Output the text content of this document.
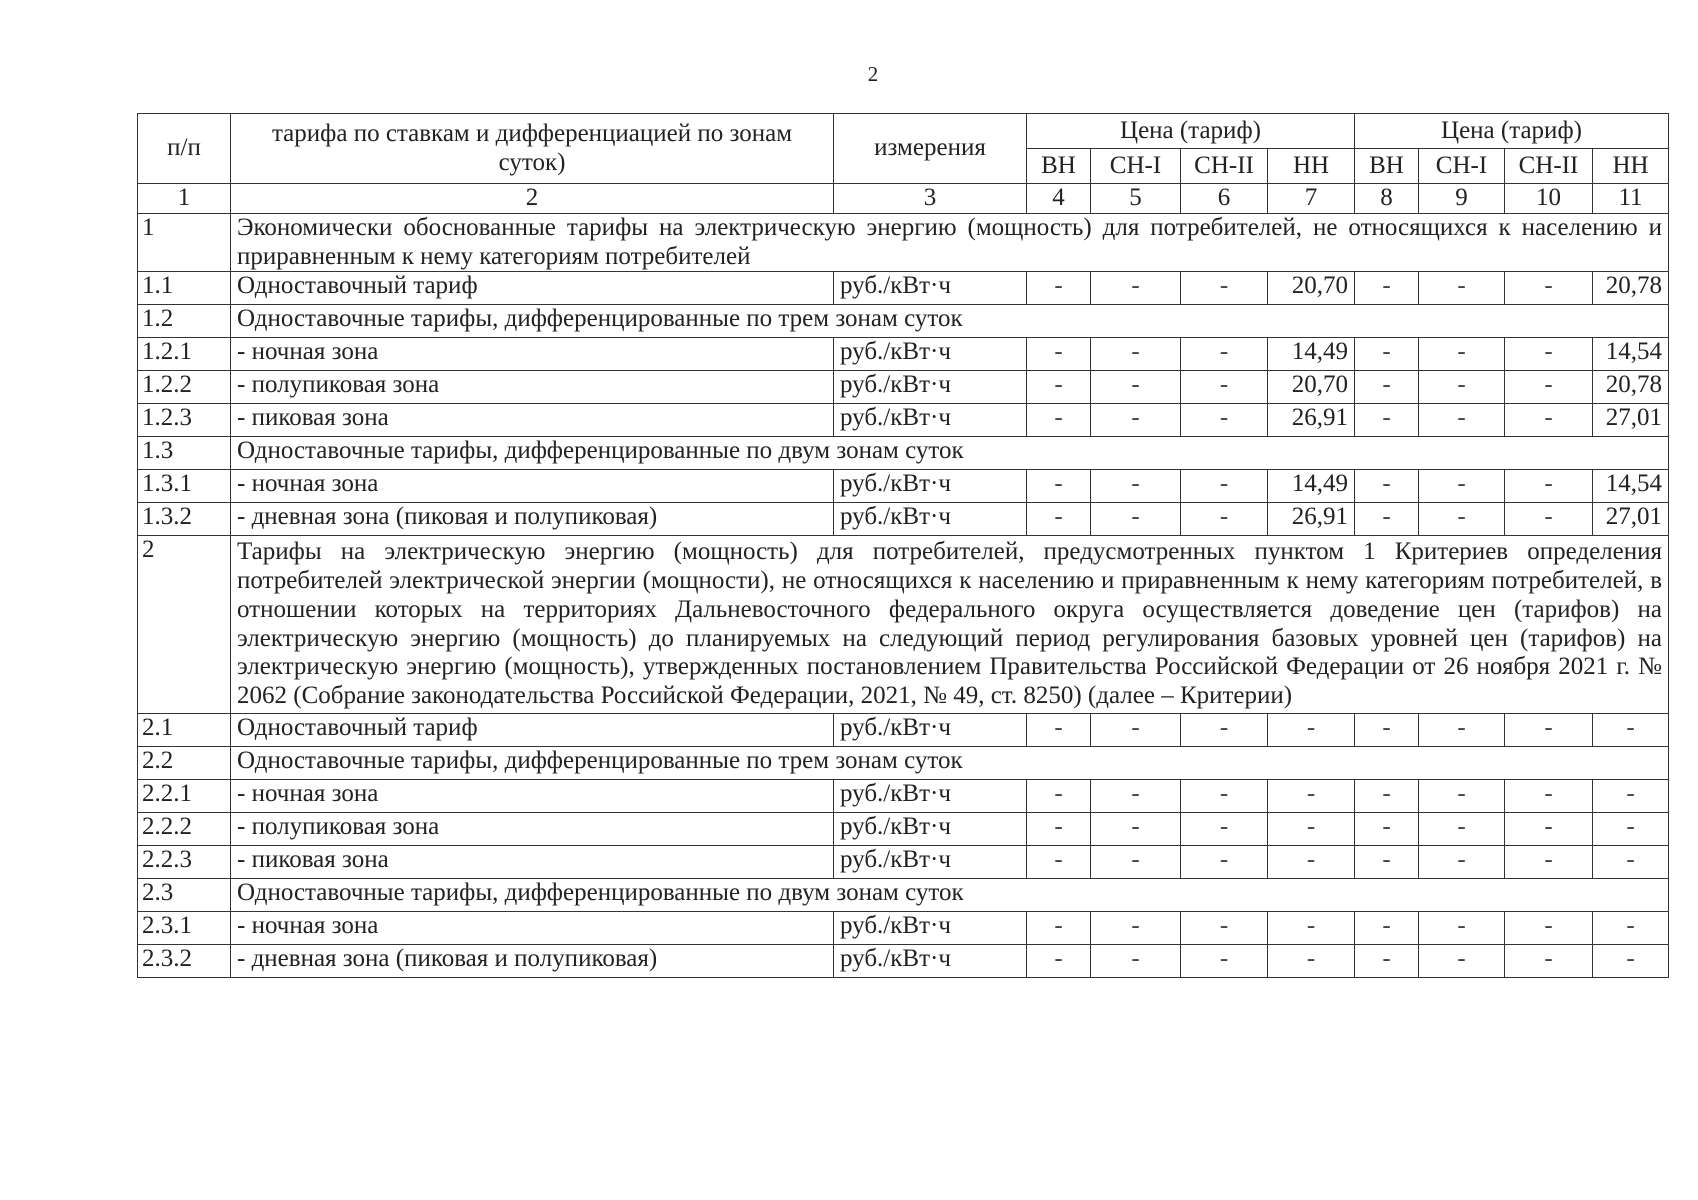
2
п/п	тарифа по ставкам и дифференциацией по зонам суток)	измерения	Цена (тариф)				Цена (тариф)			
			ВН	СН-I	СН-II	НН	ВН	СН-I	СН-II	НН
1	2	3	4	5	6	7	8	9	10	11
1	Экономически обоснованные тарифы на электрическую энергию (мощность) для потребителей, не относящихся к населению и приравненным к нему категориям потребителей									
1.1	Одноставочный тариф	руб./кВт·ч	-	-	-	20,70	-	-	-	20,78
1.2	Одноставочные тарифы, дифференцированные по трем зонам суток									
1.2.1	- ночная зона	руб./кВт·ч	-	-	-	14,49	-	-	-	14,54
1.2.2	- полупиковая зона	руб./кВт·ч	-	-	-	20,70	-	-	-	20,78
1.2.3	- пиковая зона	руб./кВт·ч	-	-	-	26,91	-	-	-	27,01
1.3	Одноставочные тарифы, дифференцированные по двум зонам суток									
1.3.1	- ночная зона	руб./кВт·ч	-	-	-	14,49	-	-	-	14,54
1.3.2	- дневная зона (пиковая и полупиковая)	руб./кВт·ч	-	-	-	26,91	-	-	-	27,01
2	Тарифы на электрическую энергию (мощность) для потребителей, предусмотренных пунктом 1 Критериев определения потребителей электрической энергии (мощности), не относящихся к населению и приравненным к нему категориям потребителей, в отношении которых на территориях Дальневосточного федерального округа осуществляется доведение цен (тарифов) на электрическую энергию (мощность) до планируемых на следующий период регулирования базовых уровней цен (тарифов) на электрическую энергию (мощность), утвержденных постановлением Правительства Российской Федерации от 26 ноября 2021 г. № 2062 (Собрание законодательства Российской Федерации, 2021, № 49, ст. 8250) (далее – Критерии)									
2.1	Одноставочный тариф	руб./кВт·ч	-	-	-	-	-	-	-	-
2.2	Одноставочные тарифы, дифференцированные по трем зонам суток									
2.2.1	- ночная зона	руб./кВт·ч	-	-	-	-	-	-	-	-
2.2.2	- полупиковая зона	руб./кВт·ч	-	-	-	-	-	-	-	-
2.2.3	- пиковая зона	руб./кВт·ч	-	-	-	-	-	-	-	-
2.3	Одноставочные тарифы, дифференцированные по двум зонам суток									
2.3.1	- ночная зона	руб./кВт·ч	-	-	-	-	-	-	-	-
2.3.2	- дневная зона (пиковая и полупиковая)	руб./кВт·ч	-	-	-	-	-	-	-	-
